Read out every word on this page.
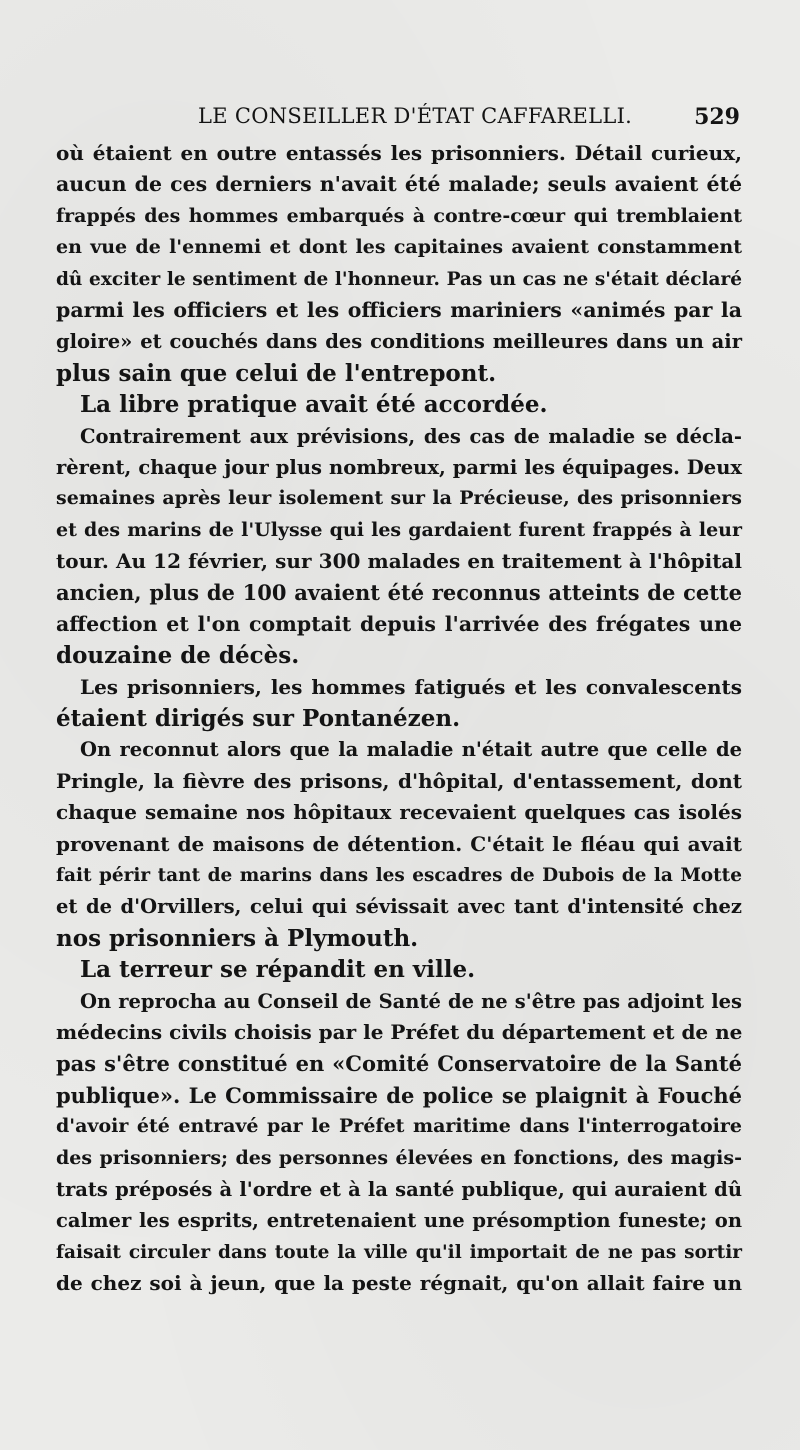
LE CONSEILLER D'ÉTAT CAFFARELLI.	529
où étaient en outre entassés les prisonniers. Détail curieux,
aucun de ces derniers n'avait été malade; seuls avaient été
frappés des hommes embarqués à contre-cœur qui tremblaient
en vue de l'ennemi et dont les capitaines avaient constamment
dû exciter le sentiment de l'honneur. Pas un cas ne s'était déclaré
parmi les officiers et les officiers mariniers «animés par la
gloire» et couchés dans des conditions meilleures dans un air
plus sain que celui de l'entrepont.
La libre pratique avait été accordée.
Contrairement aux prévisions, des cas de maladie se décla-
rèrent, chaque jour plus nombreux, parmi les équipages. Deux
semaines après leur isolement sur la Précieuse, des prisonniers
et des marins de l'Ulysse qui les gardaient furent frappés à leur
tour. Au 12 février, sur 300 malades en traitement à l'hôpital
ancien, plus de 100 avaient été reconnus atteints de cette
affection et l'on comptait depuis l'arrivée des frégates une
douzaine de décès.
Les prisonniers, les hommes fatigués et les convalescents
étaient dirigés sur Pontanézen.
On reconnut alors que la maladie n'était autre que celle de
Pringle, la fièvre des prisons, d'hôpital, d'entassement, dont
chaque semaine nos hôpitaux recevaient quelques cas isolés
provenant de maisons de détention. C'était le fléau qui avait
fait périr tant de marins dans les escadres de Dubois de la Motte
et de d'Orvillers, celui qui sévissait avec tant d'intensité chez
nos prisonniers à Plymouth.
La terreur se répandit en ville.
On reprocha au Conseil de Santé de ne s'être pas adjoint les
médecins civils choisis par le Préfet du département et de ne
pas s'être constitué en «Comité Conservatoire de la Santé
publique». Le Commissaire de police se plaignit à Fouché
d'avoir été entravé par le Préfet maritime dans l'interrogatoire
des prisonniers; des personnes élevées en fonctions, des magis-
trats préposés à l'ordre et à la santé publique, qui auraient dû
calmer les esprits, entretenaient une présomption funeste; on
faisait circuler dans toute la ville qu'il importait de ne pas sortir
de chez soi à jeun, que la peste régnait, qu'on allait faire un
